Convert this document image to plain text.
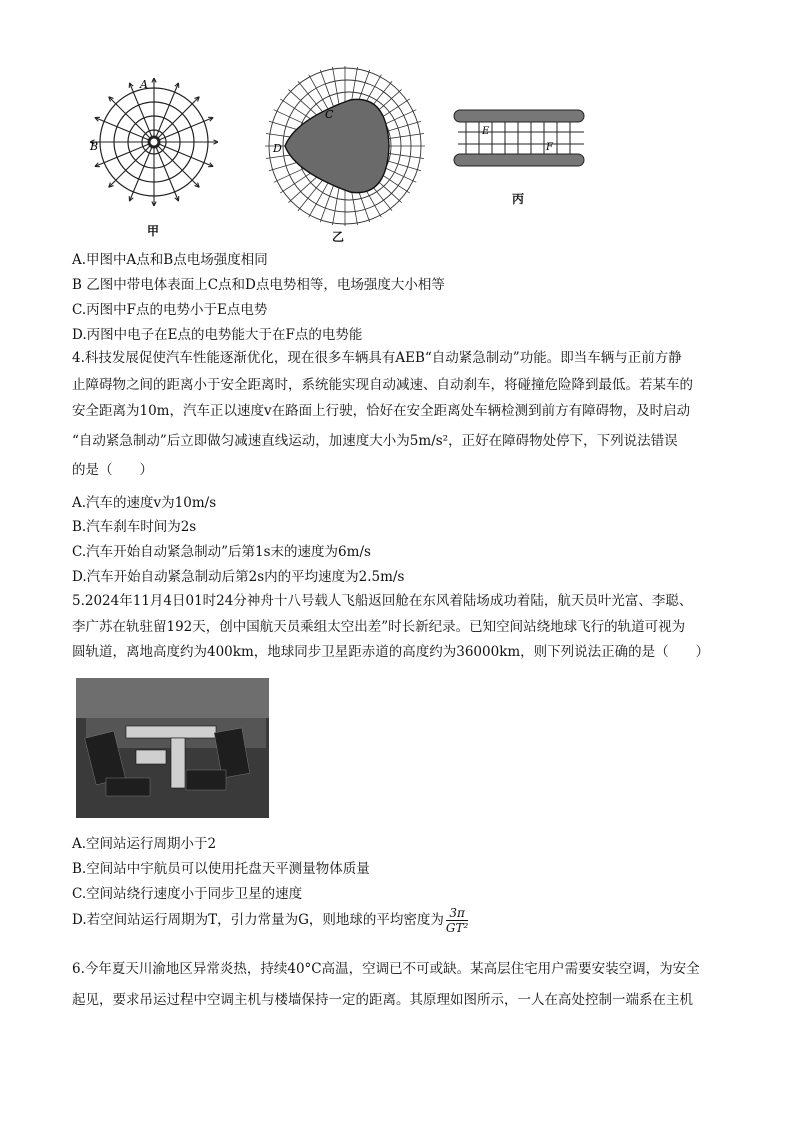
A
B
甲
C
D
乙
E
F
丙
A.甲图中A点和B点电场强度相同
B 乙图中带电体表面上C点和D点电势相等，电场强度大小相等
C.丙图中F点的电势小于E点电势
D.丙图中电子在E点的电势能大于在F点的电势能
4.科技发展促使汽车性能逐渐优化，现在很多车辆具有AEB“自动紧急制动”功能。即当车辆与正前方静
止障碍物之间的距离小于安全距离时，系统能实现自动减速、自动刹车，将碰撞危险降到最低。若某车的
安全距离为10m，汽车正以速度v在路面上行驶，恰好在安全距离处车辆检测到前方有障碍物，及时启动
“自动紧急制动”后立即做匀减速直线运动，加速度大小为5m/s²，正好在障碍物处停下，下列说法错误
的是（　　）
A.汽车的速度v为10m/s
B.汽车刹车时间为2s
C.汽车开始自动紧急制动”后第1s末的速度为6m/s
D.汽车开始自动紧急制动后第2s内的平均速度为2.5m/s
5.2024年11月4日01时24分神舟十八号载人飞船返回舱在东风着陆场成功着陆，航天员叶光富、李聪、
李广苏在轨驻留192天，创中国航天员乘组太空出差”时长新纪录。已知空间站绕地球飞行的轨道可视为
圆轨道，离地高度约为400km，地球同步卫星距赤道的高度约为36000km，则下列说法正确的是（　　）
A.空间站运行周期小于2
B.空间站中宇航员可以使用托盘天平测量物体质量
C.空间站绕行速度小于同步卫星的速度
D.若空间站运行周期为T，引力常量为G，则地球的平均密度为 $\frac{3\pi}{\text{GT²}}$
6.今年夏天川渝地区异常炎热，持续40°C高温，空调已不可或缺。某高层住宅用户需要安装空调，为安全
起见，要求吊运过程中空调主机与楼墙保持一定的距离。其原理如图所示，一人在高处控制一端系在主机
